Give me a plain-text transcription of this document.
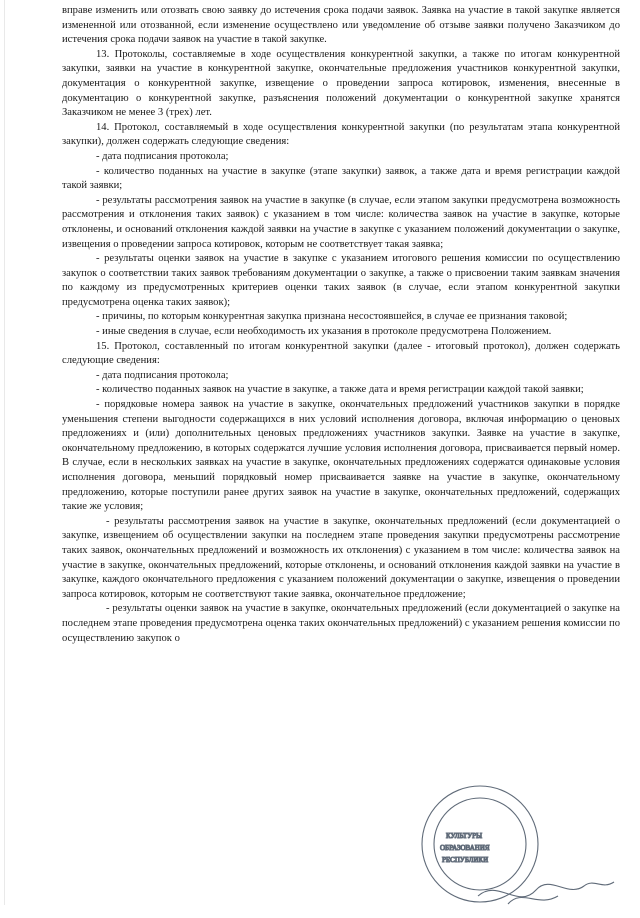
вправе изменить или отозвать свою заявку до истечения срока подачи заявок. Заявка на участие в такой закупке является измененной или отозванной, если изменение осуществлено или уведомление об отзыве заявки получено Заказчиком до истечения срока подачи заявок на участие в такой закупке.

13. Протоколы, составляемые в ходе осуществления конкурентной закупки, а также по итогам конкурентной закупки, заявки на участие в конкурентной закупке, окончательные предложения участников конкурентной закупки, документация о конкурентной закупке, извещение о проведении запроса котировок, изменения, внесенные в документацию о конкурентной закупке, разъяснения положений документации о конкурентной закупке хранятся Заказчиком не менее 3 (трех) лет.

14. Протокол, составляемый в ходе осуществления конкурентной закупки (по результатам этапа конкурентной закупки), должен содержать следующие сведения:

- дата подписания протокола;

- количество поданных на участие в закупке (этапе закупки) заявок, а также дата и время регистрации каждой такой заявки;

- результаты рассмотрения заявок на участие в закупке (в случае, если этапом закупки предусмотрена возможность рассмотрения и отклонения таких заявок) с указанием в том числе: количества заявок на участие в закупке, которые отклонены, и оснований отклонения каждой заявки на участие в закупке с указанием положений документации о закупке, извещения о проведении запроса котировок, которым не соответствует такая заявка;

- результаты оценки заявок на участие в закупке с указанием итогового решения комиссии по осуществлению закупок о соответствии таких заявок требованиям документации о закупке, а также о присвоении таким заявкам значения по каждому из предусмотренных критериев оценки таких заявок (в случае, если этапом конкурентной закупки предусмотрена оценка таких заявок);

- причины, по которым конкурентная закупка признана несостоявшейся, в случае ее признания таковой;

- иные сведения в случае, если необходимость их указания в протоколе предусмотрена Положением.

15. Протокол, составленный по итогам конкурентной закупки (далее - итоговый протокол), должен содержать следующие сведения:

- дата подписания протокола;

- количество поданных заявок на участие в закупке, а также дата и время регистрации каждой такой заявки;

- порядковые номера заявок на участие в закупке, окончательных предложений участников закупки в порядке уменьшения степени выгодности содержащихся в них условий исполнения договора, включая информацию о ценовых предложениях и (или) дополнительных ценовых предложениях участников закупки. Заявке на участие в закупке, окончательному предложению, в которых содержатся лучшие условия исполнения договора, присваивается первый номер. В случае, если в нескольких заявках на участие в закупке, окончательных предложениях содержатся одинаковые условия исполнения договора, меньший порядковый номер присваивается заявке на участие в закупке, окончательному предложению, которые поступили ранее других заявок на участие в закупке, окончательных предложений, содержащих такие же условия;

- результаты рассмотрения заявок на участие в закупке, окончательных предложений (если документацией о закупке, извещением об осуществлении закупки на последнем этапе проведения закупки предусмотрены рассмотрение таких заявок, окончательных предложений и возможность их отклонения) с указанием в том числе: количества заявок на участие в закупке, окончательных предложений, которые отклонены, и оснований отклонения каждой заявки на участие в закупке, каждого окончательного предложения с указанием положений документации о закупке, извещения о проведении запроса котировок, которым не соответствуют такие заявка, окончательное предложение;

- результаты оценки заявок на участие в закупке, окончательных предложений (если документацией о закупке на последнем этапе проведения предусмотрена оценка таких окончательных предложений) с указанием решения комиссии по осуществлению закупок о

КУЛЬТУРЫ
ОБРАЗОВАНИЯ
РЕСПУБЛИКИ
